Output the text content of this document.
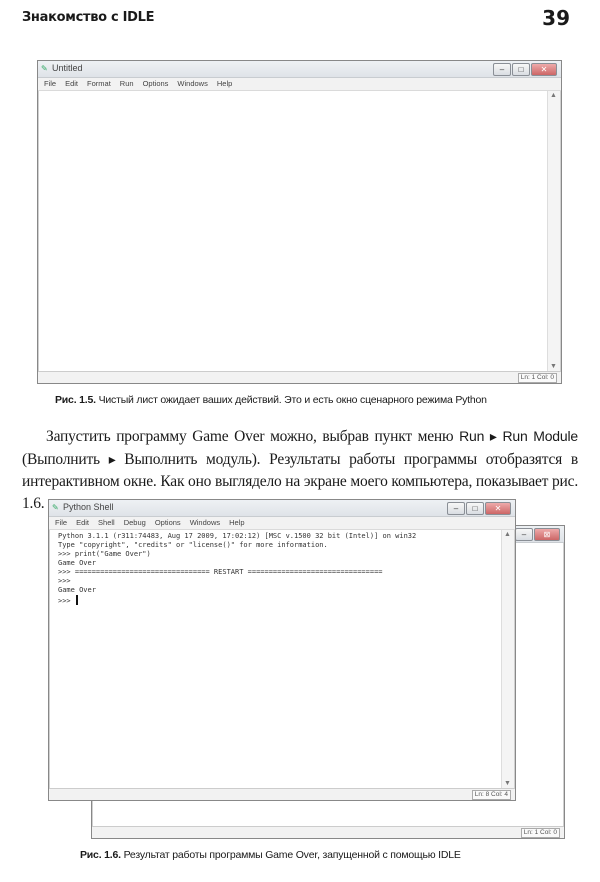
Знакомство с IDLE	39
✎ Untitled	–	□	✕
File Edit Format Run Options Windows Help
▲
▼
Ln: 1 Col: 0
Рис. 1.5. Чистый лист ожидает ваших действий. Это и есть окно сценарного режима Python
Запустить программу Game Over можно, выбрав пункт меню Run ▸ Run Module (Выполнить ▸ Выполнить модуль). Результаты работы программы отобразятся в интерактивном окне. Как оно выглядело на экране моего компьютера, показывает рис. 1.6.
–	⊠
Ln: 1 Col: 0
✎ Python Shell	–	□	✕
File Edit Shell Debug Options Windows Help
Python 3.1.1 (r311:74483, Aug 17 2009, 17:02:12) [MSC v.1500 32 bit (Intel)] on win32
Type "copyright", "credits" or "license()" for more information.
>>> print("Game Over")
Game Over
>>> ================================ RESTART ================================
>>>
Game Over
>>>
▲
▼
Ln: 8 Col: 4
Рис. 1.6. Результат работы программы Game Over, запущенной с помощью IDLE
